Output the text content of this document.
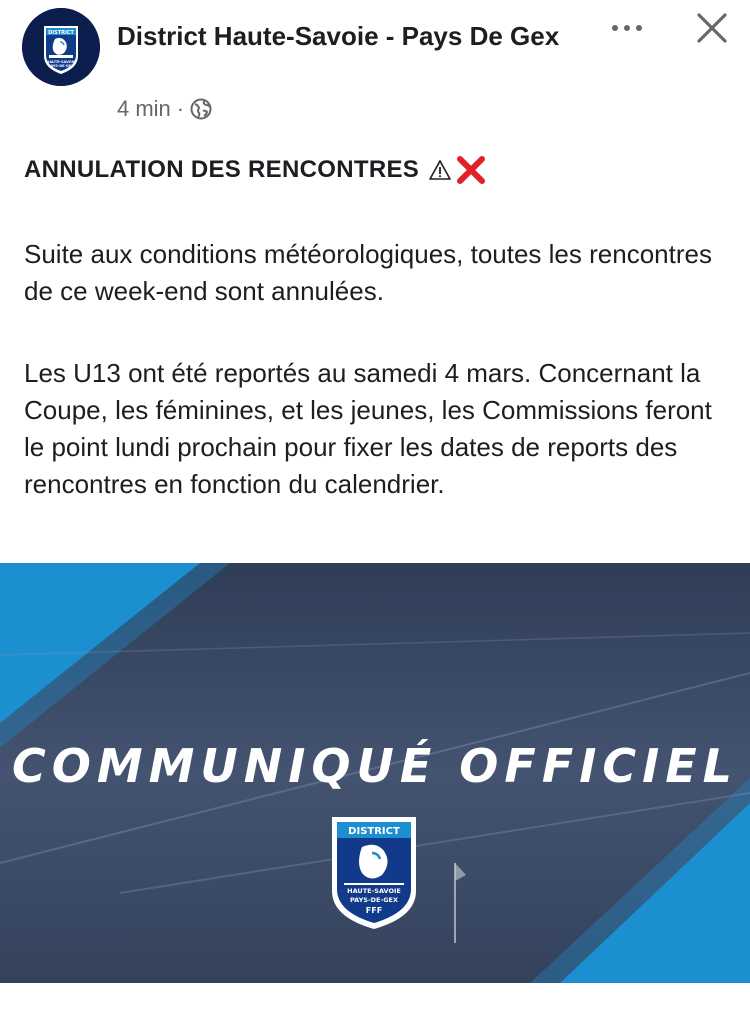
DISTRICT
HAUTE-SAVOIE
PAYS-DE-GEX
District Haute-Savoie - Pays De Gex
4 min ·
ANNULATION DES RENCONTRES
Suite aux conditions météorologiques, toutes les rencontres de ce week-end sont annulées.
Les U13 ont été reportés au samedi 4 mars. Concernant la Coupe, les féminines, et les jeunes, les Commissions feront le point lundi prochain pour fixer les dates de reports des rencontres en fonction du calendrier.
COMMUNIQUÉ OFFICIEL
DISTRICT
HAUTE-SAVOIE
PAYS-DE-GEX
FFF
